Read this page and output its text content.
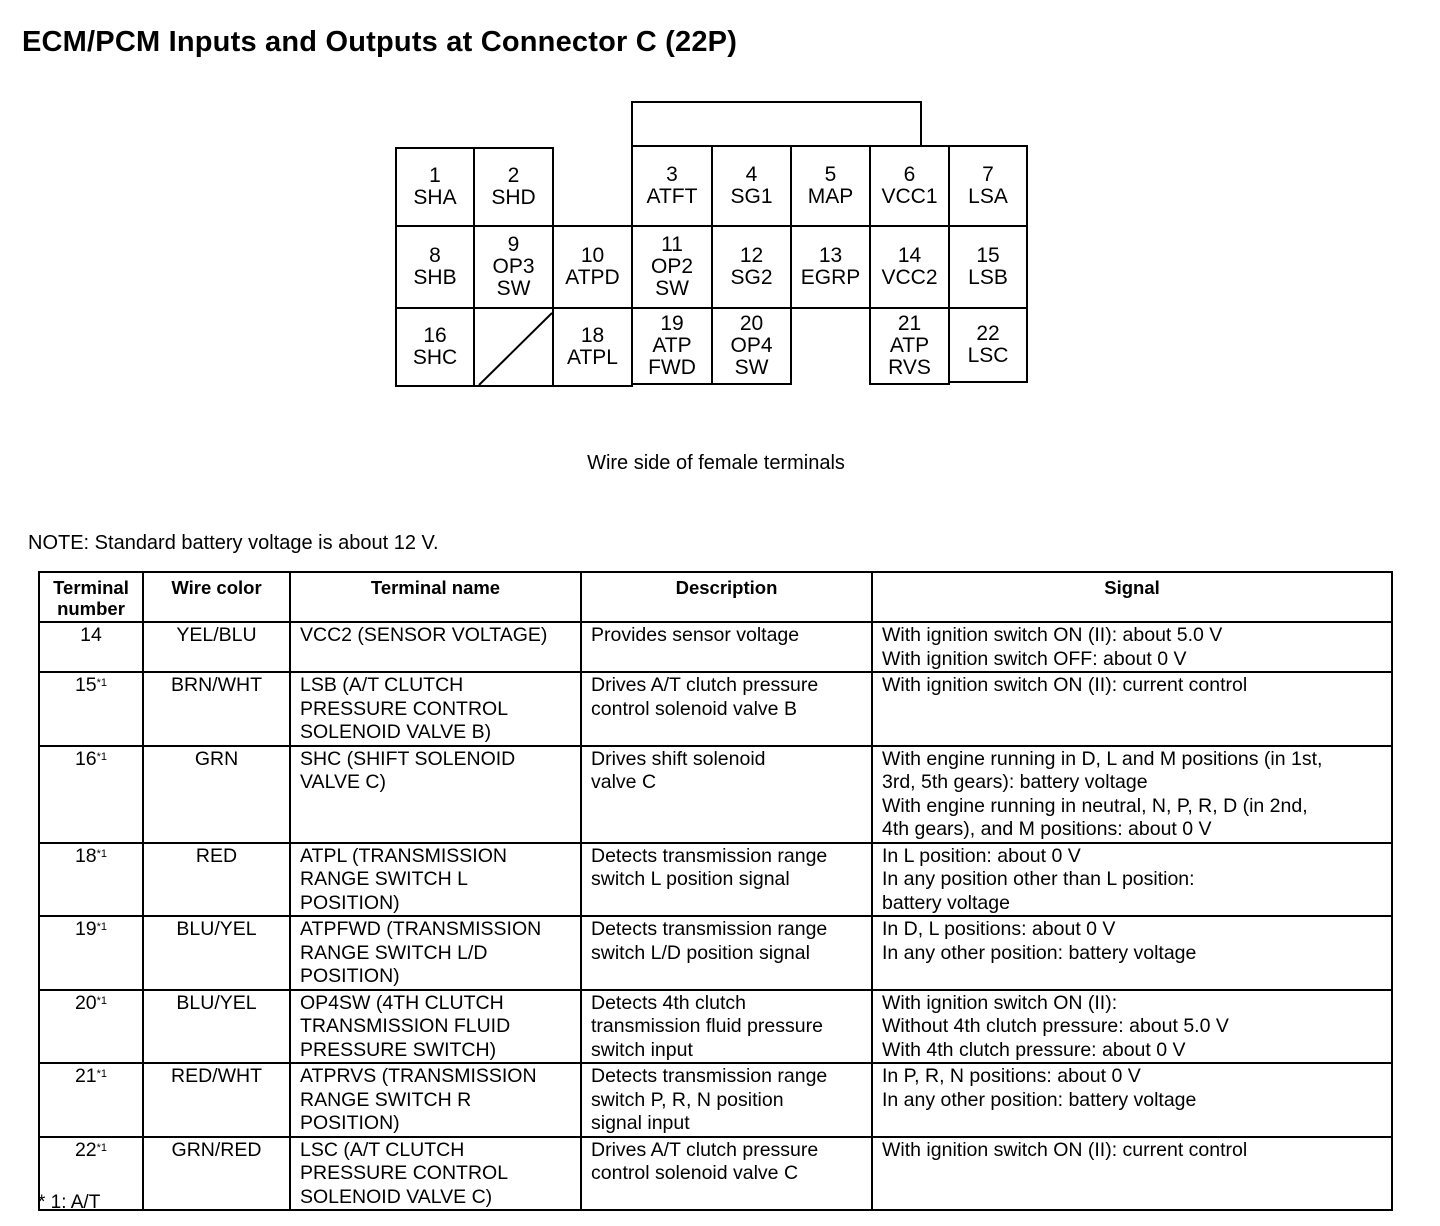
ECM/PCM Inputs and Outputs at Connector C (22P)
1
SHA
2
SHD
3
ATFT
4
SG1
5
MAP
6
VCC1
7
LSA
8
SHB
9
OP3
SW
10
ATPD
11
OP2
SW
12
SG2
13
EGRP
14
VCC2
15
LSB
16
SHC
18
ATPL
19
ATP
FWD
20
OP4
SW
21
ATP
RVS
22
LSC
Wire side of female terminals
NOTE: Standard battery voltage is about 12 V.
Terminal number	Wire color	Terminal name	Description	Signal
14	YEL/BLU	VCC2 (SENSOR VOLTAGE)	Provides sensor voltage	With ignition switch ON (II): about 5.0 V
With ignition switch OFF: about 0 V

15$^{*1}$	BRN/WHT	LSB (A/T CLUTCH
PRESSURE CONTROL
SOLENOID VALVE B)	Drives A/T clutch pressure
control solenoid valve B	With ignition switch ON (II): current control

16$^{*1}$	GRN	SHC (SHIFT SOLENOID
VALVE C)	Drives shift solenoid
valve C	With engine running in D, L and M positions (in 1st,
3rd, 5th gears): battery voltage
With engine running in neutral, N, P, R, D (in 2nd,
4th gears), and M positions: about 0 V

18$^{*1}$	RED	ATPL (TRANSMISSION
RANGE SWITCH L
POSITION)	Detects transmission range
switch L position signal	In L position: about 0 V
In any position other than L position:
battery voltage

19$^{*1}$	BLU/YEL	ATPFWD (TRANSMISSION
RANGE SWITCH L/D
POSITION)	Detects transmission range
switch L/D position signal	In D, L positions: about 0 V
In any other position: battery voltage

20$^{*1}$	BLU/YEL	OP4SW (4TH CLUTCH
TRANSMISSION FLUID
PRESSURE SWITCH)	Detects 4th clutch
transmission fluid pressure
switch input	With ignition switch ON (II):
Without 4th clutch pressure: about 5.0 V
With 4th clutch pressure: about 0 V

21$^{*1}$	RED/WHT	ATPRVS (TRANSMISSION
RANGE SWITCH R
POSITION)	Detects transmission range
switch P, R, N position
signal input	In P, R, N positions: about 0 V
In any other position: battery voltage

22$^{*1}$	GRN/RED	LSC (A/T CLUTCH
PRESSURE CONTROL
SOLENOID VALVE C)	Drives A/T clutch pressure
control solenoid valve C	With ignition switch ON (II): current control
* 1: A/T
